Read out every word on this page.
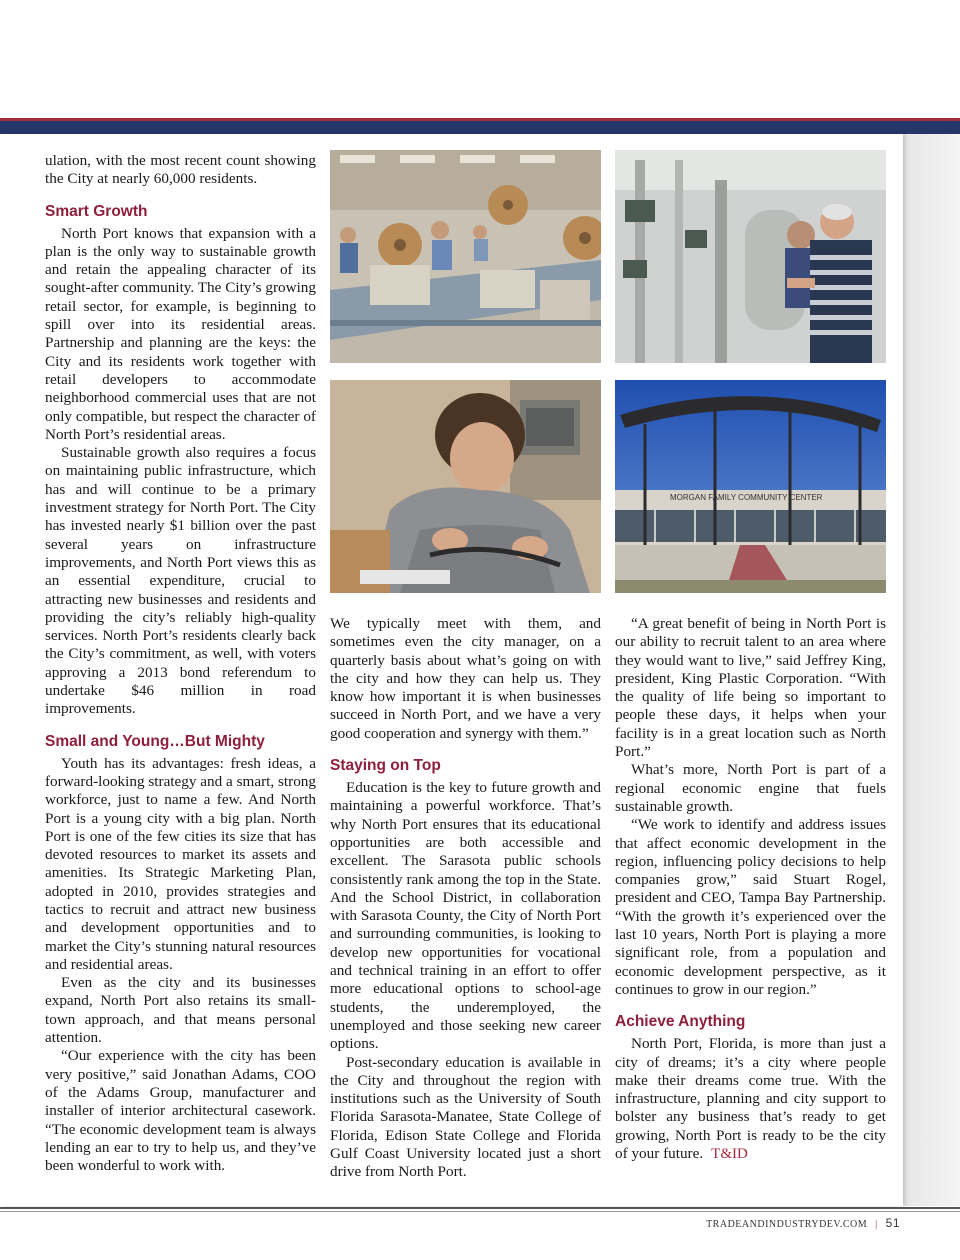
MORGAN FAMILY COMMUNITY CENTER

ulation, with the most recent count showing the City at nearly 60,000 residents.

Smart Growth

North Port knows that expansion with a plan is the only way to sustainable growth and retain the appealing character of its sought-after community. The City’s growing retail sector, for example, is beginning to spill over into its residential areas. Partnership and planning are the keys: the City and its residents work together with retail developers to accommodate neighborhood commercial uses that are not only compatible, but respect the character of North Port’s residential areas.

Sustainable growth also requires a focus on maintaining public infrastructure, which has and will continue to be a primary investment strategy for North Port. The City has invested nearly $1 billion over the past several years on infrastructure improvements, and North Port views this as an essential expenditure, crucial to attracting new businesses and residents and providing the city’s reliably high-quality services. North Port’s residents clearly back the City’s commitment, as well, with voters approving a 2013 bond referendum to undertake $46 million in road improvements.

Small and Young…But Mighty

Youth has its advantages: fresh ideas, a forward-looking strategy and a smart, strong workforce, just to name a few. And North Port is a young city with a big plan. North Port is one of the few cities its size that has devoted resources to market its assets and amenities. Its Strategic Marketing Plan, adopted in 2010, provides strategies and tactics to recruit and attract new business and development opportunities and to market the City’s stunning natural resources and residential areas.

Even as the city and its businesses expand, North Port also retains its small-town approach, and that means personal attention.

“Our experience with the city has been very positive,” said Jonathan Adams, COO of the Adams Group, manufacturer and installer of interior architectural casework. “The economic development team is always lending an ear to try to help us, and they’ve been wonderful to work with.

We typically meet with them, and sometimes even the city manager, on a quarterly basis about what’s going on with the city and how they can help us. They know how important it is when businesses succeed in North Port, and we have a very good cooperation and synergy with them.”

Staying on Top

Education is the key to future growth and maintaining a powerful workforce. That’s why North Port ensures that its educational opportunities are both accessible and excellent. The Sarasota public schools consistently rank among the top in the State. And the School District, in collaboration with Sarasota County, the City of North Port and surrounding communities, is looking to develop new opportunities for vocational and technical training in an effort to offer more educational options to school-age students, the underemployed, the unemployed and those seeking new career options.

Post-secondary education is available in the City and throughout the region with institutions such as the University of South Florida Sarasota-Manatee, State College of Florida, Edison State College and Florida Gulf Coast University located just a short drive from North Port.

“A great benefit of being in North Port is our ability to recruit talent to an area where they would want to live,” said Jeffrey King, president, King Plastic Corporation. “With the quality of life being so important to people these days, it helps when your facility is in a great location such as North Port.”

What’s more, North Port is part of a regional economic engine that fuels sustainable growth.

“We work to identify and address issues that affect economic development in the region, influencing policy decisions to help companies grow,” said Stuart Rogel, president and CEO, Tampa Bay Partnership. “With the growth it’s experienced over the last 10 years, North Port is playing a more significant role, from a population and economic development perspective, as it continues to grow in our region.”

Achieve Anything

North Port, Florida, is more than just a city of dreams; it’s a city where people make their dreams come true. With the infrastructure, planning and city support to bolster any business that’s ready to get growing, North Port is ready to be the city of your future. T&ID

TRADEANDINDUSTRYDEV.COM | 51
